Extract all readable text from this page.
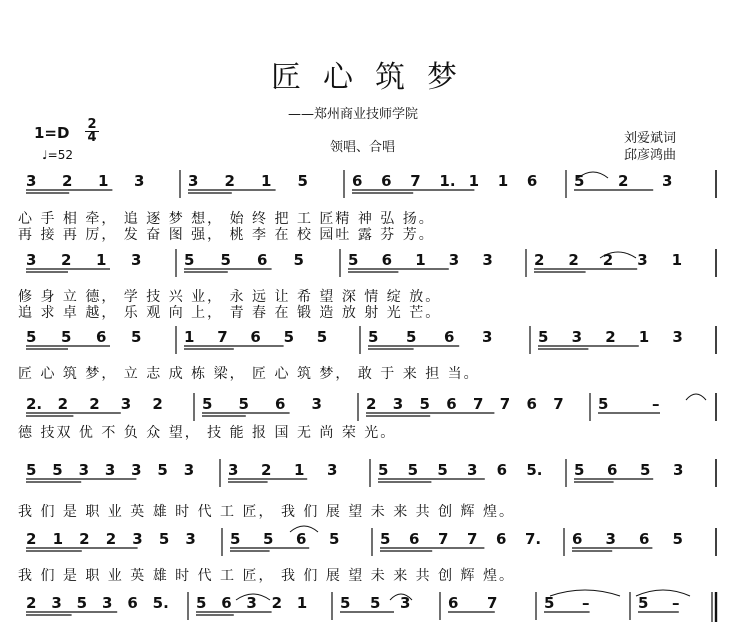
匠心筑梦
——郑州商业技师学院
1=D 2
4
♩=52	领唱、合唱
刘爱斌词
邱彦鸿曲
3 2 1 3	3 2 1 5	6 6 7 1. 1 1 6 5 2 3
心 手 相 牵， 追 逐 梦 想， 始 终 把 工 匠精 神 弘 扬。
再 接 再 厉， 发 奋 图 强， 桃 李 在 校 园吐 露 芬 芳。
3 2 1 3	5 5 6 5	5 6 1 3 3	2 2 2 3 1
修 身 立 德， 学 技 兴 业， 永 远 让 希 望 深 情 绽 放。
追 求 卓 越， 乐 观 向 上， 青 春 在 锻 造 放 射 光 芒。
5 5 6 5	1 7 6 5 5	5 5 6 3	5 3 2 1 3
匠 心 筑 梦， 立 志 成 栋 梁， 匠 心 筑 梦， 敢 于 来 担 当。
2. 2 2 3 2	5 5 6 3	2 3 5 6 7 7 6 7 5	–
德 技双 优 不 负 众 望， 技 能 报 国 无 尚 荣 光。
5 5 3 3 3 5 3 3 2 1 3	5 5 5 3 6 5. 5 6 5 3
我 们 是 职 业 英 雄 时 代 工 匠， 我 们 展 望 未 来 共 创 辉 煌。
2 1 2 2 3 5 3 5 5 6 5	5 6 7 7 6 7. 6 3 6 5
我 们 是 职 业 英 雄 时 代 工 匠， 我 们 展 望 未 来 共 创 辉 煌。
2 3 5 3 6 5. 5 6 3 2 1 5 5 3	6 7	5 –	5 –
